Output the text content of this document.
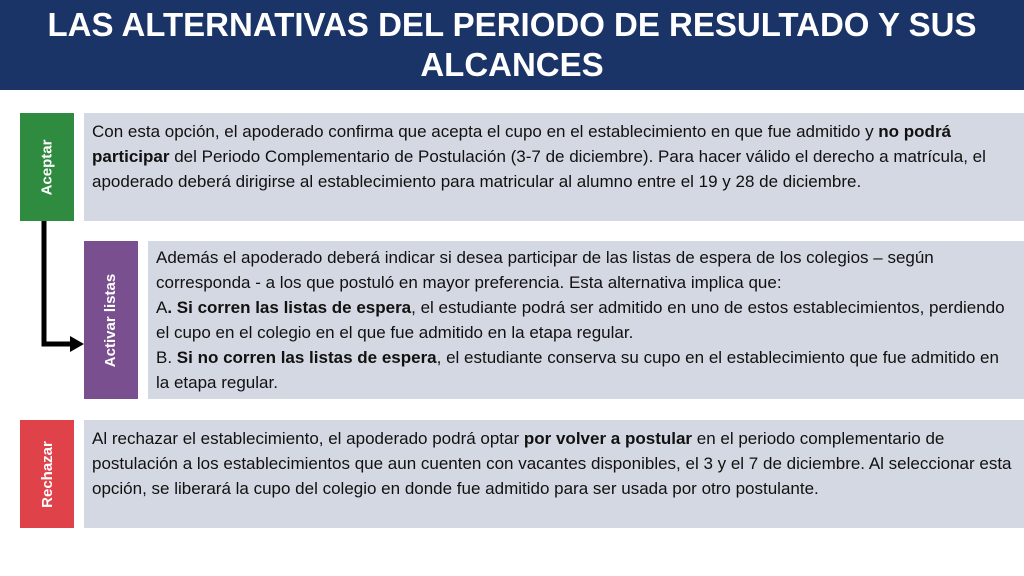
LAS ALTERNATIVAS DEL PERIODO DE RESULTADO Y SUS ALCANCES
Aceptar
Con esta opción, el apoderado confirma que acepta el cupo en el establecimiento en que fue admitido y no podrá participar del Periodo Complementario de Postulación (3-7 de diciembre). Para hacer válido el derecho a matrícula, el apoderado deberá dirigirse al establecimiento para matricular al alumno entre el 19 y 28 de diciembre.
Activar listas
Además el apoderado deberá indicar si desea participar de las listas de espera de los colegios – según corresponda - a los que postuló en mayor preferencia. Esta alternativa implica que:
A. Si corren las listas de espera, el estudiante podrá ser admitido en uno de estos establecimientos, perdiendo el cupo en el colegio en el que fue admitido en la etapa regular.
B. Si no corren las listas de espera, el estudiante conserva su cupo en el establecimiento que fue admitido en la etapa regular.
Rechazar
Al rechazar el establecimiento, el apoderado podrá optar por volver a postular en el periodo complementario de postulación a los establecimientos que aun cuenten con vacantes disponibles, el 3 y el 7 de diciembre. Al seleccionar esta opción, se liberará la cupo del colegio en donde fue admitido para ser usada por otro postulante.
